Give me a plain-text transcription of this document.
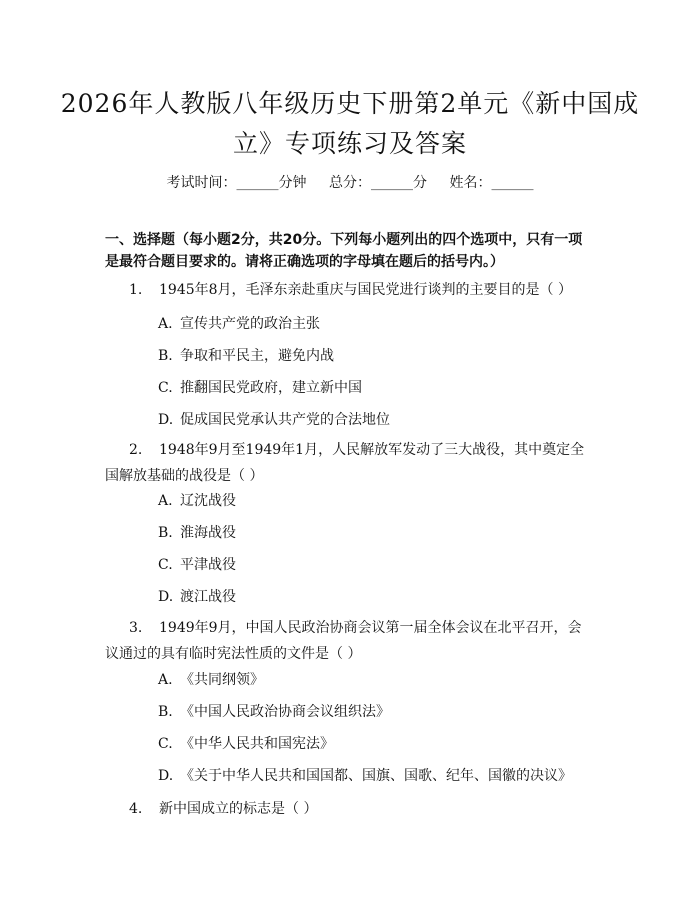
2026年人教版八年级历史下册第2单元《新中国成立》专项练习及答案
考试时间：______分钟 总分：______分 姓名：______
一、选择题（每小题2分，共20分。下列每小题列出的四个选项中，只有一项是最符合题目要求的。请将正确选项的字母填在题后的括号内。）
1. 1945年8月，毛泽东亲赴重庆与国民党进行谈判的主要目的是（ ）
A. 宣传共产党的政治主张
B. 争取和平民主，避免内战
C. 推翻国民党政府，建立新中国
D. 促成国民党承认共产党的合法地位
2. 1948年9月至1949年1月，人民解放军发动了三大战役，其中奠定全国解放基础的战役是（ ）
A. 辽沈战役
B. 淮海战役
C. 平津战役
D. 渡江战役
3. 1949年9月，中国人民政治协商会议第一届全体会议在北平召开，会议通过的具有临时宪法性质的文件是（ ）
A. 《共同纲领》
B. 《中国人民政治协商会议组织法》
C. 《中华人民共和国宪法》
D. 《关于中华人民共和国国都、国旗、国歌、纪年、国徽的决议》
4. 新中国成立的标志是（ ）
